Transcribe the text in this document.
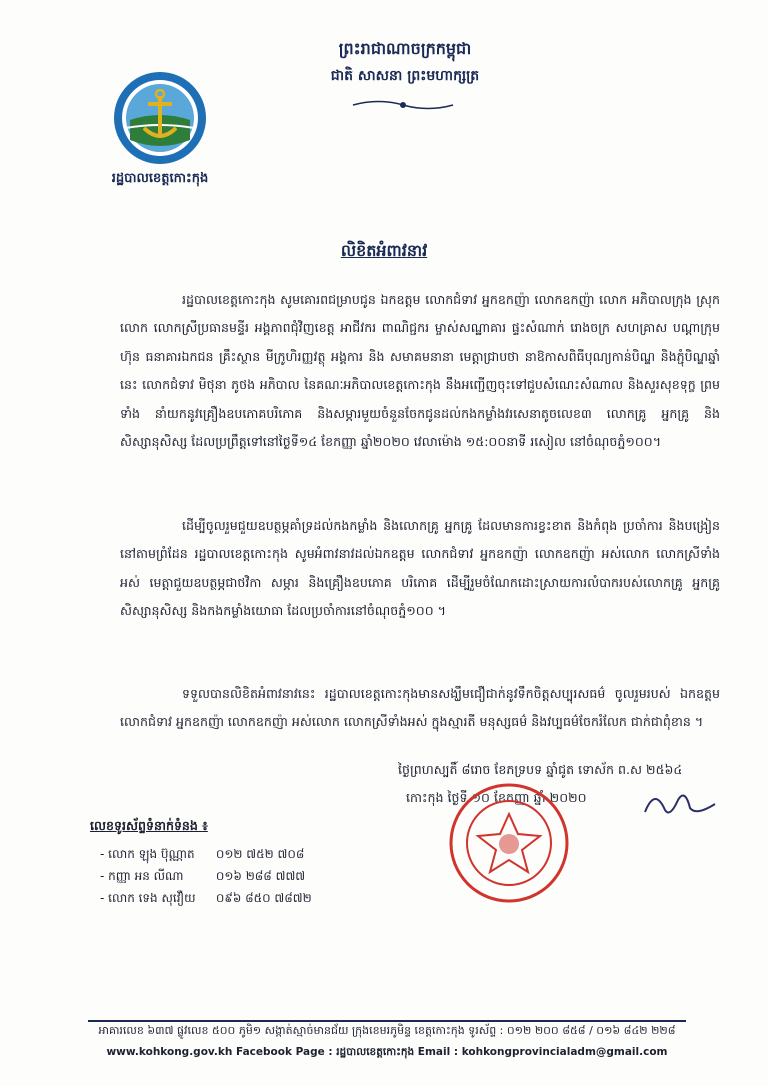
ព្រះរាជាណាចក្រកម្ពុជា
ជាតិ សាសនា ព្រះមហាក្សត្រ
រដ្ឋបាលខេត្តកោះកុង
លិខិតអំពាវនាវ
រដ្ឋបាលខេត្តកោះកុង សូមគោរពជម្រាបជូន ឯកឧត្តម លោកជំទាវ អ្នកឧកញ៉ា លោកឧកញ៉ា លោក អភិបាលក្រុង ស្រុក លោក លោកស្រីប្រធានមន្ទីរ អង្គភាពជុំវិញខេត្ត អាជីវករ ពាណិជ្ជករ ម្ចាស់សណ្ឋាគារ ផ្ទះសំណាក់ រោងចក្រ សហគ្រាស បណ្តាក្រុមហ៊ុន ធនាគារឯកជន គ្រឹះស្ថាន មីក្រូហិរញ្ញវត្ថុ អង្គការ និង សមាគមនានា មេត្តាជ្រាបថា នាឱកាសពិធីបុណ្យកាន់បិណ្ឌ និងភ្ជុំបិណ្ឌឆ្នាំនេះ លោកជំទាវ មិថុនា ភូថង អភិបាល នៃគណៈអភិបាលខេត្តកោះកុង នឹងអញ្ជើញចុះទៅជួបសំណេះសំណាល និងសួរសុខទុក្ខ ព្រមទាំង នាំយកនូវគ្រឿងឧបភោគបរិភោគ និងសម្ភារមួយចំនួនចែកជូនដល់កងកម្លាំងវរសេនាតូចលេខ៣ លោកគ្រូ អ្នកគ្រូ និងសិស្សានុសិស្ស ដែលប្រព្រឹត្តទៅនៅថ្ងៃទី១៤ ខែកញ្ញា ឆ្នាំ២០២០ វេលាម៉ោង ១៥:០០នាទី រសៀល នៅចំណុចភ្នំ១០០។
ដើម្បីចូលរួមជួយឧបត្ថម្ភគាំទ្រដល់កងកម្លាំង និងលោកគ្រូ អ្នកគ្រូ ដែលមានការខ្វះខាត និងកំពុង ប្រចាំការ និងបង្រៀននៅតាមព្រំដែន រដ្ឋបាលខេត្តកោះកុង សូមអំពាវនាវដល់ឯកឧត្តម លោកជំទាវ អ្នកឧកញ៉ា លោកឧកញ៉ា អស់លោក លោកស្រីទាំងអស់ មេត្តាជួយឧបត្ថម្ភជាថវិកា សម្ភារ និងគ្រឿងឧបភោគ បរិភោគ ដើម្បីរួមចំណែកដោះស្រាយការលំបាករបស់លោកគ្រូ អ្នកគ្រូ សិស្សានុសិស្ស និងកងកម្លាំងយោធា ដែលប្រចាំការនៅចំណុចភ្នំ១០០ ។
ទទួលបានលិខិតអំពាវនាវនេះ រដ្ឋបាលខេត្តកោះកុងមានសង្ឃឹមជឿជាក់នូវទឹកចិត្តសប្បុរសធម៌ ចូលរួមរបស់ ឯកឧត្តម លោកជំទាវ អ្នកឧកញ៉ា លោកឧកញ៉ា អស់លោក លោកស្រីទាំងអស់ ក្នុងស្មារតី មនុស្សធម៌ និងវប្បធម៌ចែករំលែក ជាក់ជាពុំខាន ។
ថ្ងៃព្រហស្បតិ៍ ៨រោច ខែភទ្របទ ឆ្នាំជូត ទោស័ក ព.ស ២៥៦៤
កោះកុង ថ្ងៃទី ១០ ខែកញ្ញា ឆ្នាំ ២០២០
លេខទូរស័ព្ទទំនាក់ទំនង ៖
- លោក ឡុង ប៊ុណ្ណាត ០១២ ៧៥២ ៧០៨
- កញ្ញា អន លីណា	០១៦ ២៨៨ ៧៧៧
- លោក ទេង សុវឿយ ០៩៦ ៨៥០ ៧៨៧២
អាគារលេខ ៦៣៧ ផ្លូវលេខ ៥០០ ភូមិ១ សង្កាត់ស្មាច់មានជ័យ ក្រុងខេមរភូមិន្ទ ខេត្តកោះកុង ទូរស័ព្ទ : ០១២ ២០០ ៨៥៨ / ០១៦ ៨៤២ ២២៨
www.kohkong.gov.kh Facebook Page : រដ្ឋបាលខេត្តកោះកុង Email : kohkongprovincialadm@gmail.com
